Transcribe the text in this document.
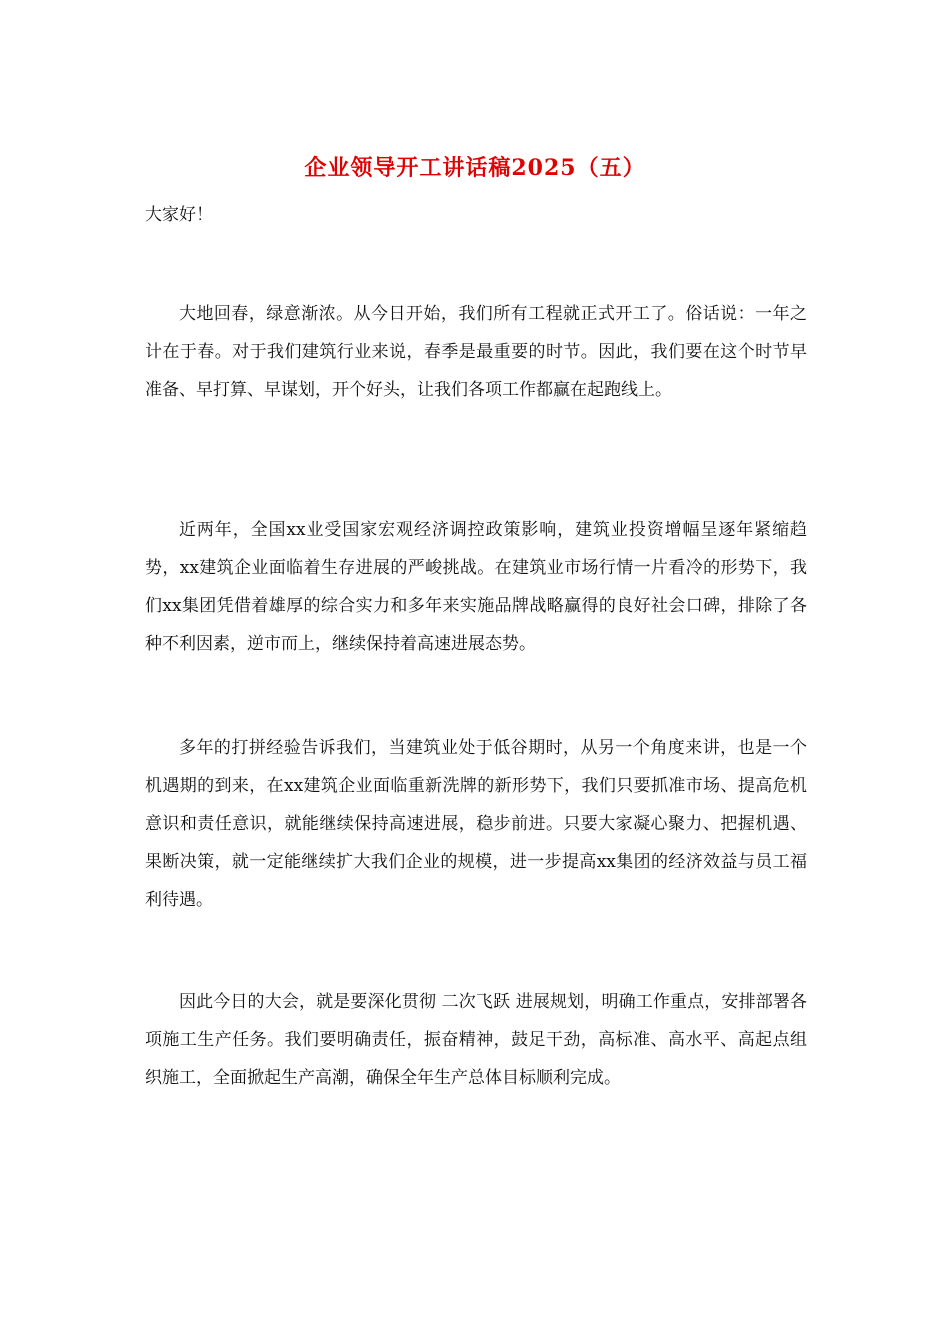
企业领导开工讲话稿2025（五）
大家好！

大地回春，绿意渐浓。从今日开始，我们所有工程就正式开工了。俗话说：一年之计在于春。对于我们建筑行业来说，春季是最重要的时节。因此，我们要在这个时节早准备、早打算、早谋划，开个好头，让我们各项工作都赢在起跑线上。

近两年，全国xx业受国家宏观经济调控政策影响，建筑业投资增幅呈逐年紧缩趋势，xx建筑企业面临着生存进展的严峻挑战。在建筑业市场行情一片看冷的形势下，我们xx集团凭借着雄厚的综合实力和多年来实施品牌战略赢得的良好社会口碑，排除了各种不利因素，逆市而上，继续保持着高速进展态势。

多年的打拼经验告诉我们，当建筑业处于低谷期时，从另一个角度来讲，也是一个机遇期的到来，在xx建筑企业面临重新洗牌的新形势下，我们只要抓准市场、提高危机意识和责任意识，就能继续保持高速进展，稳步前进。只要大家凝心聚力、把握机遇、果断决策，就一定能继续扩大我们企业的规模，进一步提高xx集团的经济效益与员工福利待遇。

因此今日的大会，就是要深化贯彻 二次飞跃 进展规划，明确工作重点，安排部署各项施工生产任务。我们要明确责任，振奋精神，鼓足干劲，高标准、高水平、高起点组织施工，全面掀起生产高潮，确保全年生产总体目标顺利完成。
